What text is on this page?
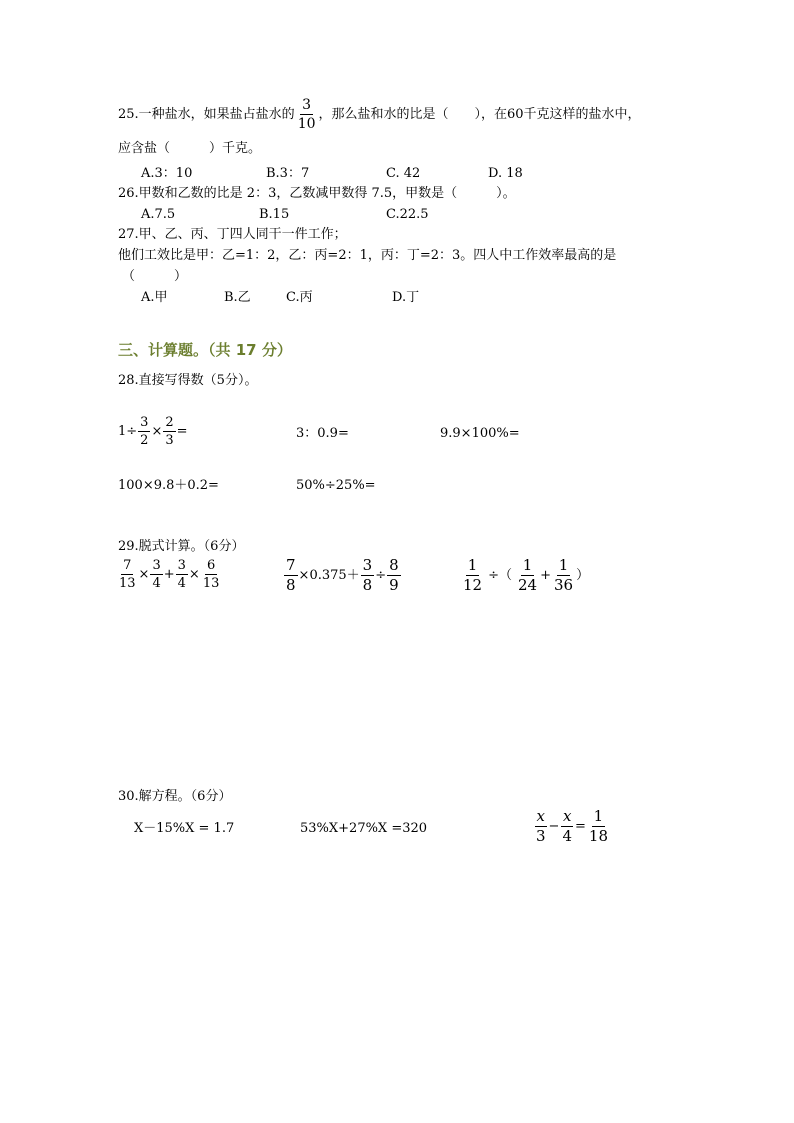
25.一种盐水，如果盐占盐水的 $\frac{3}{10}$ ，那么盐和水的比是（　　），在60千克这样的盐水中，
应含盐（　　　）千克。
A.3：10	B.3：7	C. 42	D. 18
26.甲数和乙数的比是 2：3，乙数减甲数得 7.5，甲数是（　　　）。
A.7.5	B.15	C.22.5
27.甲、乙、丙、丁四人同干一件工作；
他们工效比是甲：乙=1：2，乙：丙=2：1，丙：丁=2：3。四人中工作效率最高的是
（　　　）
A.甲	B.乙	C.丙	D.丁
三、计算题。（共 17 分）
28.直接写得数（5分）。
$1\div \frac{3}{2} \times \frac{2}{3}$ =	3：0.9=	9.9×100%=
100×9.8＋0.2=	50%÷25%=
29.脱式计算。（6分）
$\frac{7}{13} \times \frac{3}{4} + \frac{3}{4} \times \frac{6}{13}$	$\frac{7}{8} \times 0.375+ \frac{3}{8} \div \frac{8}{9}$	$\frac{1}{12}$ ÷（ $\frac{1}{24} + \frac{1}{36}$ ）
30.解方程。（6分）
X－15%X = 1.7	53%X+27%X =320	$\frac{x}{3} - \frac{x}{4} = \frac{1}{18}$
